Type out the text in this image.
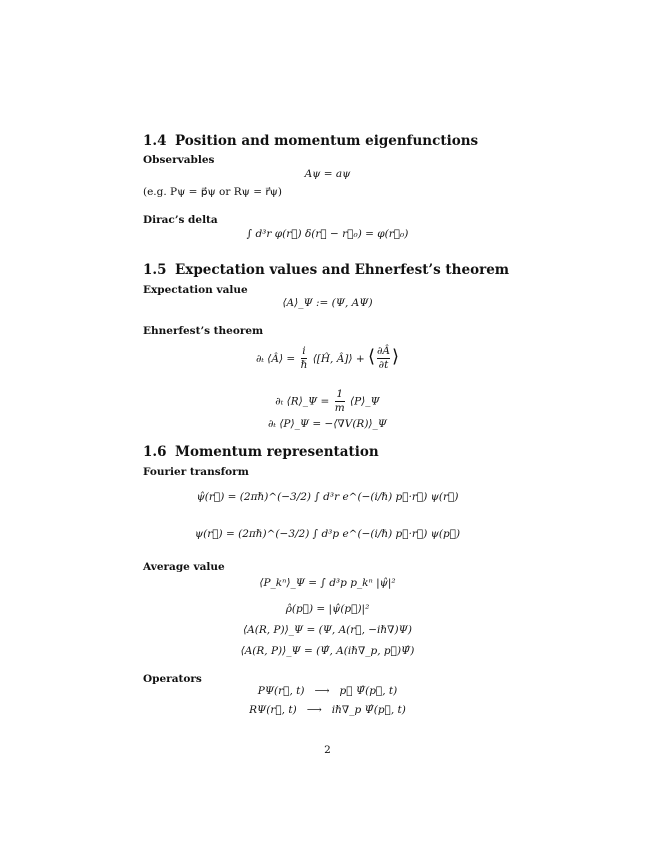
1.4 Position and momentum eigenfunctions
Observables
Aψ = aψ
(e.g. Pψ = p⃗ψ or Rψ = r⃗ψ)
Dirac’s delta
∫ d³r φ(r⃗) δ(r⃗ − r⃗₀) = φ(r⃗₀)
1.5 Expectation values and Ehnerfest’s theorem
Expectation value
⟨A⟩_Ψ := (Ψ, AΨ)
Ehnerfest’s theorem
∂ₜ ⟨Â⟩ = $\frac{i}{\text{ℏ}}$ ⟨[Ĥ, Â]⟩ + ⟨ $\frac{\partial Â}{\partial t}$ ⟩
∂ₜ ⟨R⟩_Ψ = $\frac{1}{m}$ ⟨P⟩_Ψ
∂ₜ ⟨P⟩_Ψ = −⟨∇V(R)⟩_Ψ
1.6 Momentum representation
Fourier transform
ψ̂(r⃗) = (2πℏ)^(−3/2) ∫ d³r e^(−(i/ℏ) p⃗·r⃗) ψ(r⃗)
ψ(r⃗) = (2πℏ)^(−3/2) ∫ d³p e^(−(i/ℏ) p⃗·r⃗) ψ(p⃗)
Average value
⟨P_kⁿ⟩_Ψ = ∫ d³p p_kⁿ |ψ̂|²
ρ̂(p⃗) = |ψ̂(p⃗)|²
⟨A(R, P)⟩_Ψ = (Ψ, A(r⃗, −iℏ∇)Ψ)
⟨A(R, P)⟩_Ψ = (Ψ̂, A(iℏ∇_p, p⃗)Ψ̂)
Operators
PΨ(r⃗, t) ⟶ p⃗ Ψ̂(p⃗, t)
RΨ(r⃗, t) ⟶ iℏ∇_p Ψ̂(p⃗, t)
2
